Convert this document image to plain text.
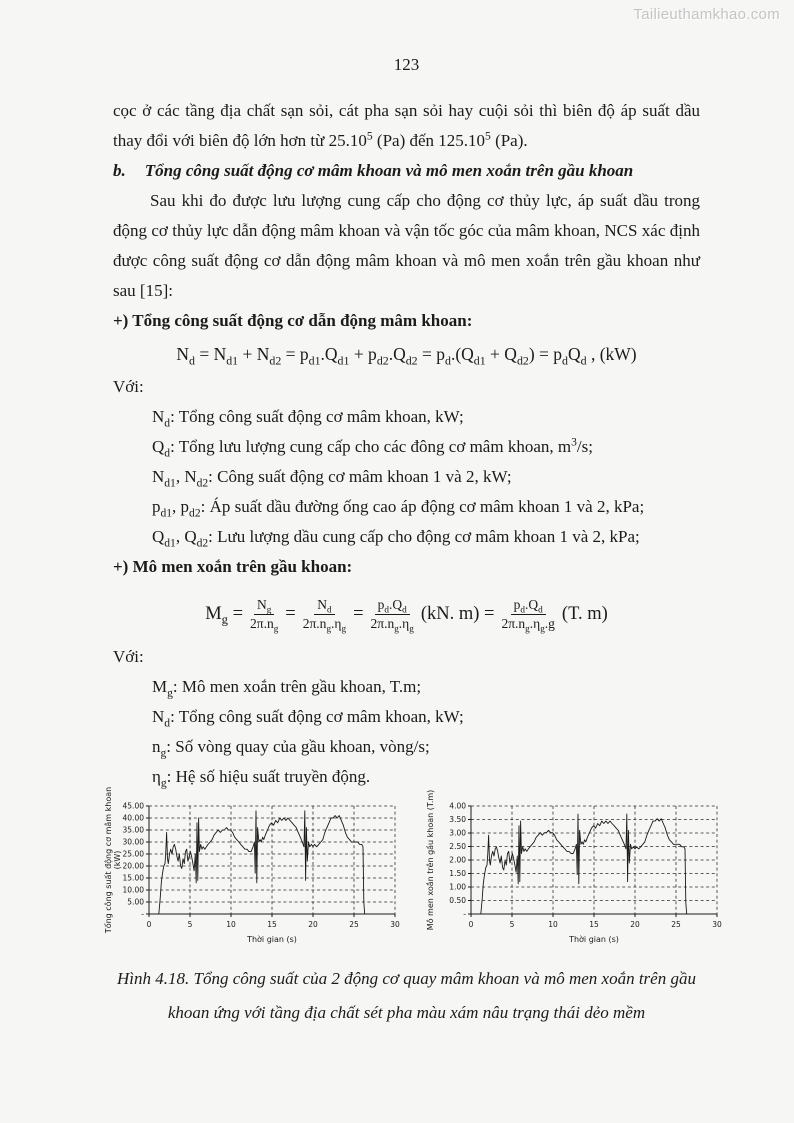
Tailieuthamkhao.com
123

cọc ở các tầng địa chất sạn sỏi, cát pha sạn sỏi hay cuội sỏi thì biên độ áp suất dầu thay đổi với biên độ lớn hơn từ 25.10$^5$ (Pa) đến 125.10$^5$ (Pa).

b. Tổng công suất động cơ mâm khoan và mô men xoắn trên gầu khoan

Sau khi đo được lưu lượng cung cấp cho động cơ thủy lực, áp suất dầu trong động cơ thủy lực dẫn động mâm khoan và vận tốc góc của mâm khoan, NCS xác định được công suất động cơ dẫn động mâm khoan và mô men xoắn trên gầu khoan như sau [15]:

+) Tổng công suất động cơ dẫn động mâm khoan:
$N_d = N_{d1} + N_{d2} = p_{d1}.Q_{d1} + p_{d2}.Q_{d2} = p_d.(Q_{d1} + Q_{d2}) = p_dQ_d$ , (kW)
Với:
$N_d$: Tổng công suất động cơ mâm khoan, kW;
$Q_d$: Tổng lưu lượng cung cấp cho các đông cơ mâm khoan, $m^3/s$;
$N_{d1}$, $N_{d2}$: Công suất động cơ mâm khoan 1 và 2, kW;
$p_{d1}$, $p_{d2}$: Áp suất dầu đường ống cao áp động cơ mâm khoan 1 và 2, kPa;
$Q_{d1}$, $Q_{d2}$: Lưu lượng dầu cung cấp cho động cơ mâm khoan 1 và 2, kPa;
+) Mô men xoắn trên gầu khoan:
$M_g = \frac{N_g}{2\pi.n_g} = \frac{N_d}{2\pi.n_g.\eta_g} = \frac{p_d.Q_d}{2\pi.n_g.\eta_g} (kN$. $m) = \frac{p_d.Q_d}{2\pi.n_g.\eta_g.g} (T$. m)
Với:
$M_g$: Mô men xoắn trên gầu khoan, T.m;
$N_d$: Tổng công suất động cơ mâm khoan, kW;
$n_g$: Số vòng quay của gầu khoan, vòng/s;
$\eta_g$: Hệ số hiệu suất truyền động.
-
5.00
10.00
15.00
20.00
25.00
30.00
35.00
40.00
45.00
0	5	10	15	20	25	30
Thời gian (s)
Tổng công suất động cơ mâm khoan(kW)
-
0.50
1.00
1.50
2.00
2.50
3.00
3.50
4.00
0	5	10	15	20	25	30
Thời gian (s)
Mô men xoắn trên gầu khoan (T.m)
Hình 4.18. Tổng công suất của 2 động cơ quay mâm khoan và mô men xoắn trên gầu khoan ứng với tầng địa chất sét pha màu xám nâu trạng thái dẻo mềm
